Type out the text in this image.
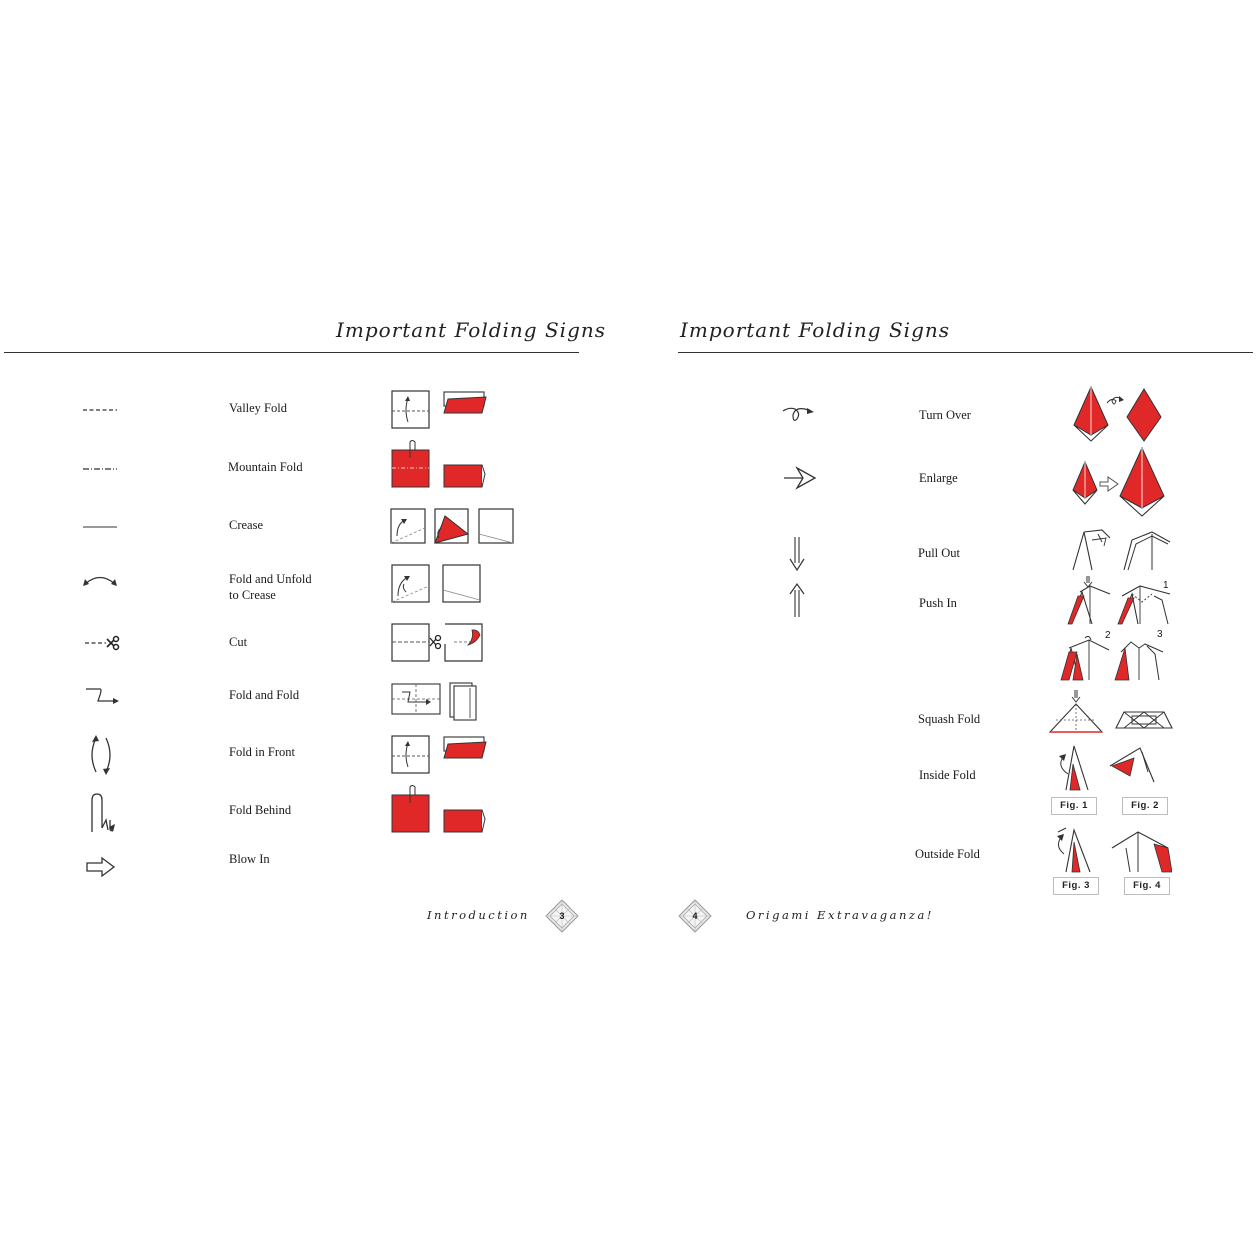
Important Folding Signs
Valley Fold
Mountain Fold
Crease
Fold and Unfold
to Crease
Cut
Fold and Fold
Fold in Front
Fold Behind
Blow In
Introduction	3
Important Folding Signs
Turn Over
Enlarge
Pull Out
Push In
Squash Fold
Inside Fold
Outside Fold
1
2	3
Fig. 1	Fig. 2
Fig. 3	Fig. 4
4	Origami Extravaganza!
